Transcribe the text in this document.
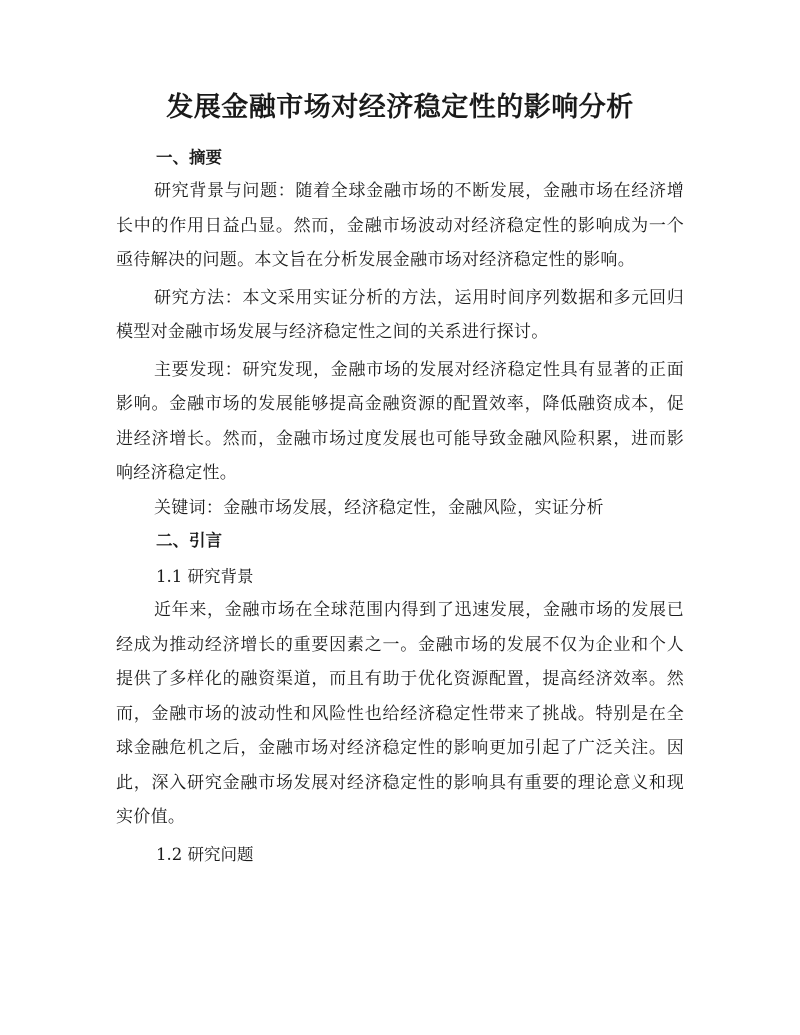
发展金融市场对经济稳定性的影响分析
一、摘要

研究背景与问题：随着全球金融市场的不断发展，金融市场在经济增长中的作用日益凸显。然而，金融市场波动对经济稳定性的影响成为一个亟待解决的问题。本文旨在分析发展金融市场对经济稳定性的影响。

研究方法：本文采用实证分析的方法，运用时间序列数据和多元回归模型对金融市场发展与经济稳定性之间的关系进行探讨。

主要发现：研究发现，金融市场的发展对经济稳定性具有显著的正面影响。金融市场的发展能够提高金融资源的配置效率，降低融资成本，促进经济增长。然而，金融市场过度发展也可能导致金融风险积累，进而影响经济稳定性。

关键词：金融市场发展，经济稳定性，金融风险，实证分析

二、引言
1.1 研究背景

近年来，金融市场在全球范围内得到了迅速发展，金融市场的发展已经成为推动经济增长的重要因素之一。金融市场的发展不仅为企业和个人提供了多样化的融资渠道，而且有助于优化资源配置，提高经济效率。然而，金融市场的波动性和风险性也给经济稳定性带来了挑战。特别是在全球金融危机之后，金融市场对经济稳定性的影响更加引起了广泛关注。因此，深入研究金融市场发展对经济稳定性的影响具有重要的理论意义和现实价值。

1.2 研究问题
